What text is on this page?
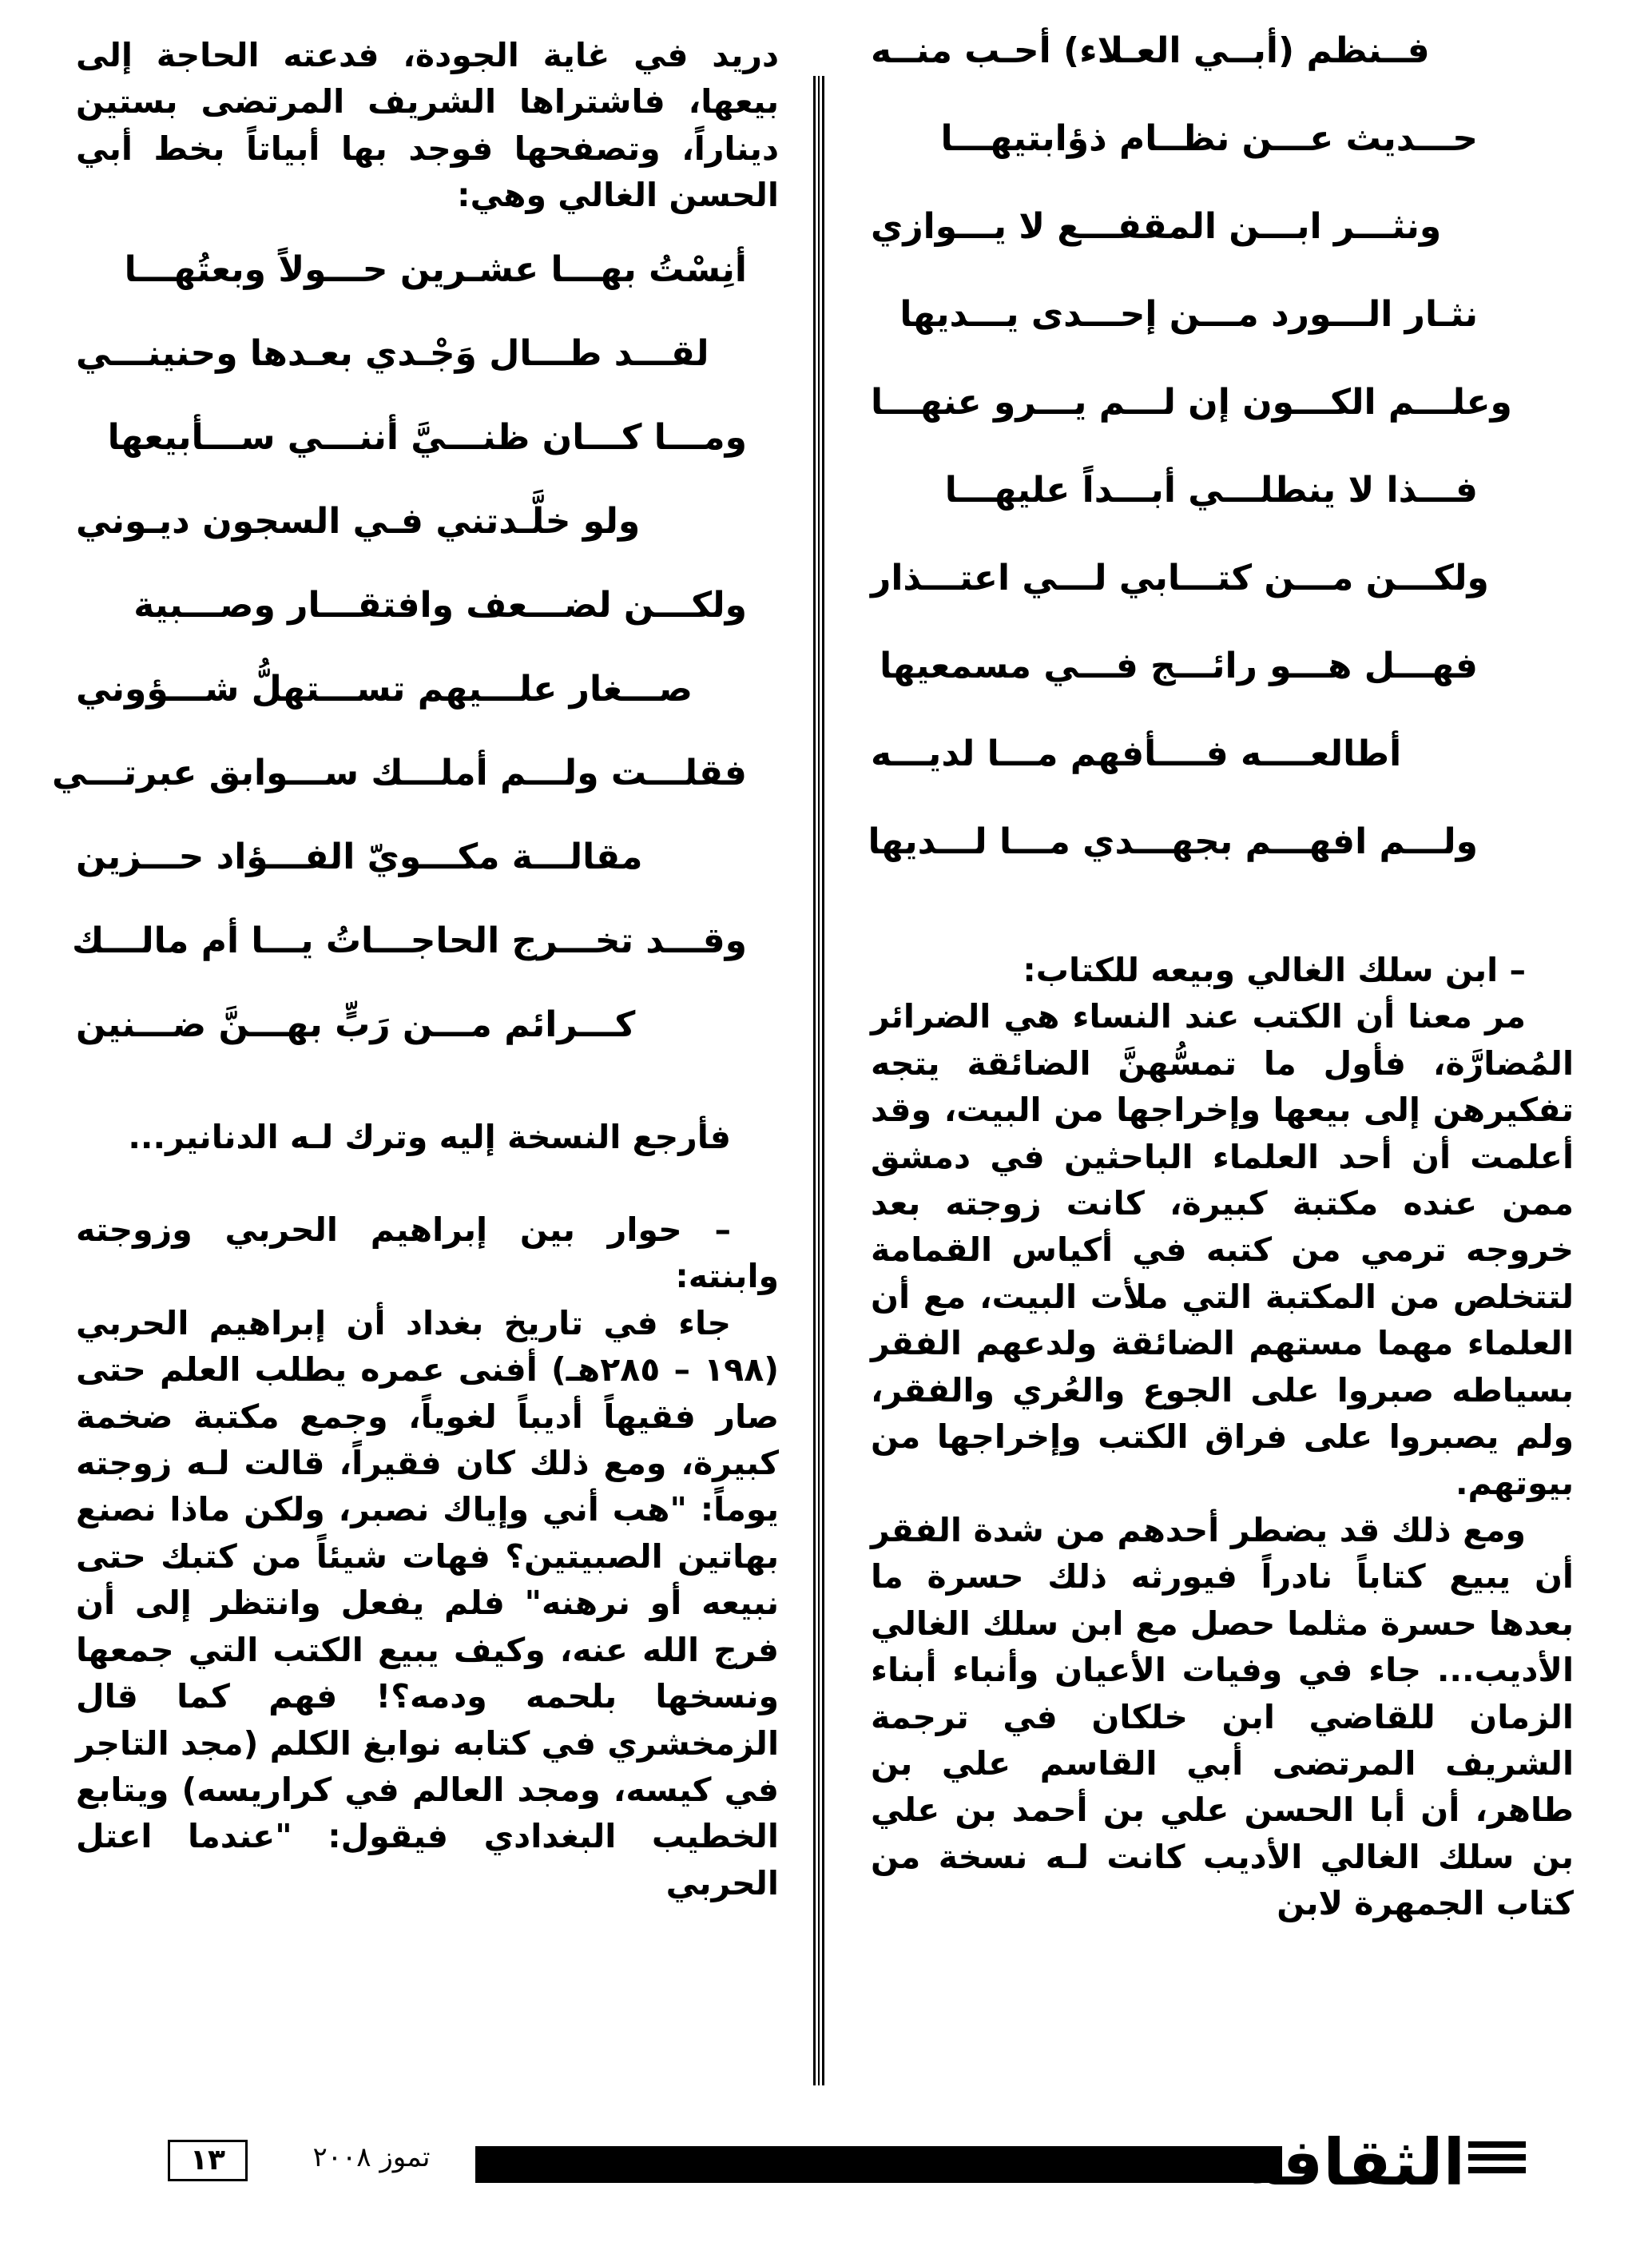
فــنظم (أبــي العـلاء) أحـب منــه
حـــديث عـــن نظــام ذؤابتيهـــا
ونثـــر ابـــن المقفـــع لا يـــوازي
نثـار الـــورد مـــن إحـــدى يـــديها
وعلـــم الكـــون إن لـــم يـــرو عنهـــا
فـــذا لا ينطلـــي أبـــداً عليهـــا
ولكـــن مـــن كتـــابي لـــي اعتـــذار
فهـــل هـــو رائـــج فـــي مسمعيها
أطالعــــه فــــأفهم مـــا لديـــه
ولـــم افهـــم بجهـــدي مـــا لـــديها

– ابن سلك الغالي وبيعه للكتاب:

مر معنا أن الكتب عند النساء هي الضرائر المُضارَّة، فأول ما تمسُّهنَّ الضائقة يتجه تفكيرهن إلى بيعها وإخراجها من البيت، وقد أعلمت أن أحد العلماء الباحثين في دمشق ممن عنده مكتبة كبيرة، كانت زوجته بعد خروجه ترمي من كتبه في أكياس القمامة لتتخلص من المكتبة التي ملأت البيت، مع أن العلماء مهما مستهم الضائقة ولدعهم الفقر بسياطه صبروا على الجوع والعُري والفقر، ولم يصبروا على فراق الكتب وإخراجها من بيوتهم.

ومع ذلك قد يضطر أحدهم من شدة الفقر أن يبيع كتاباً نادراً فيورثه ذلك حسرة ما بعدها حسرة مثلما حصل مع ابن سلك الغالي الأديب... جاء في وفيات الأعيان وأنباء أبناء الزمان للقاضي ابن خلكان في ترجمة الشريف المرتضى أبي القاسم علي بن طاهر، أن أبا الحسن علي بن أحمد بن علي بن سلك الغالي الأديب كانت لـه نسخة من كتاب الجمهرة لابن

دريد في غاية الجودة، فدعته الحاجة إلى بيعها، فاشتراها الشريف المرتضى بستين ديناراً، وتصفحها فوجد بها أبياتاً بخط أبي الحسن الغالي وهي:

أنِسْتُ بهـــا عشـرين حـــولاً وبعتُهـــا
لقـــد طـــال وَجْـدي بعـدها وحنينـــي
ومـــا كـــان ظنـــيَّ أننـــي ســـأبيعها
ولو خلَّـدتني فـي السجون ديـوني
ولكـــن لضـــعف وافتقـــار وصـــبية
صـــغار علـــيهم تســـتهلُّ شـــؤوني
فقلـــت ولـــم أملـــك ســـوابق عبرتـــي
مقالـــة مكـــويّ الفـــؤاد حـــزين
وقـــد تخـــرج الحاجـــاتُ يـــا أم مالـــك
كـــرائم مـــن رَبٍّ بهـــنَّ ضـــنين

فأرجع النسخة إليه وترك لـه الدنانير...

– حوار بين إبراهيم الحربي وزوجته وابنته:

جاء في تاريخ بغداد أن إبراهيم الحربي (١٩٨ – ٢٨٥هـ) أفنى عمره يطلب العلم حتى صار فقيهاً أديباً لغوياً، وجمع مكتبة ضخمة كبيرة، ومع ذلك كان فقيراً، قالت لـه زوجته يوماً: "هب أني وإياك نصبر، ولكن ماذا نصنع بهاتين الصبيتين؟ فهات شيئاً من كتبك حتى نبيعه أو نرهنه" فلم يفعل وانتظر إلى أن فرج الله عنه، وكيف يبيع الكتب التي جمعها ونسخها بلحمه ودمه؟! فهم كما قال الزمخشري في كتابه نوابغ الكلم (مجد التاجر في كيسه، ومجد العالم في كراريسه) ويتابع الخطيب البغدادي فيقول: "عندما اعتل الحربي

١٣	تموز ٢٠٠٨	الثقافة
